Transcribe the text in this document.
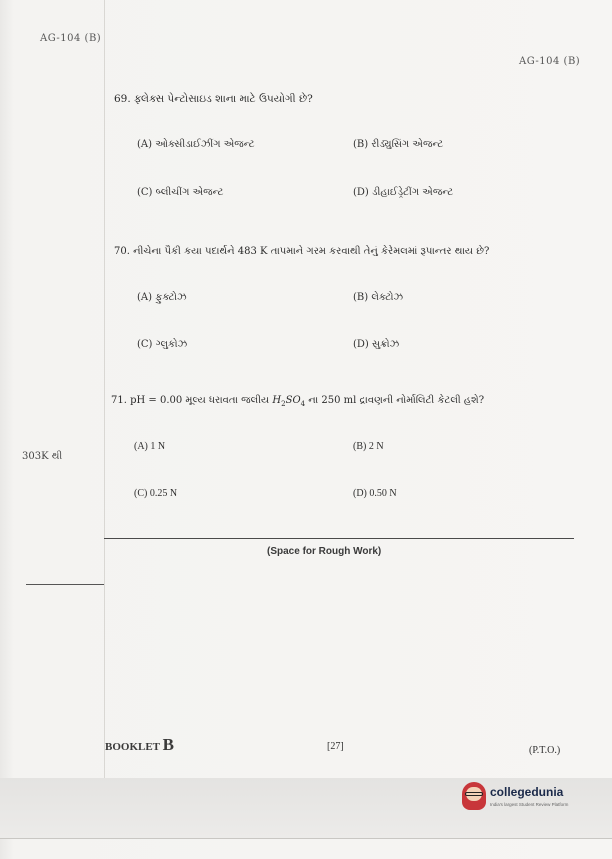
AG-104 (B)
AG-104 (B)
69. ફ્લેક્સ પેન્ટોસાઇડ શાના માટે ઉપયોગી છે?
(A) ઓક્સીડાઈઝીંગ એજન્ટ	(B) રીડ્યુસિંગ એજન્ટ
(C) બ્લીચીંગ એજન્ટ	(D) ડીહાઈડ્રેટીંગ એજન્ટ
70. નીચેના પૈકી કયા પદાર્થને 483 K તાપમાને ગરમ કરવાથી તેનું કેરેમલમાં રૂપાન્તર થાય છે?
(A) ફુક્ટોઝ	(B) લેક્ટોઝ
(C) ગ્લુકોઝ	(D) સુક્રોઝ
71. pH = 0.00 મૂલ્ય ધરાવતા જલીય $H_2SO_4$ ના 250 ml દ્રાવણની નોર્માલિટી કેટલી હશે?
(A) 1 N	(B) 2 N
(C) 0.25 N	(D) 0.50 N
303K થી
(Space for Rough Work)
BOOKLET B	[27]	(P.T.O.)
collegedunia
India's largest Student Review Platform
